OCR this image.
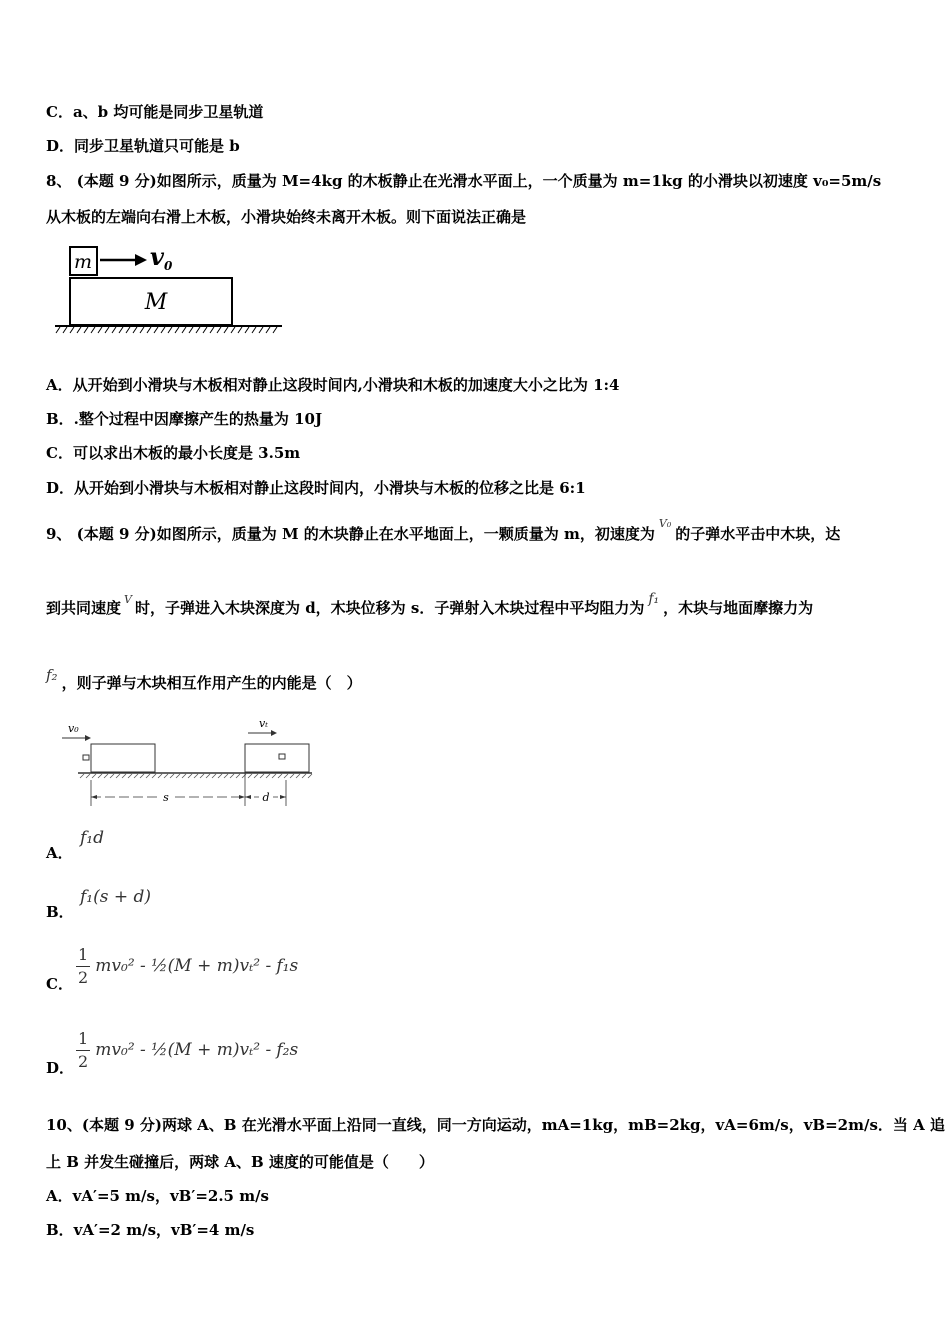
C．a、b 均可能是同步卫星轨道
D．同步卫星轨道只可能是 b
8、 (本题 9 分)如图所示，质量为 M=4kg 的木板静止在光滑水平面上，一个质量为 m=1kg 的小滑块以初速度 v₀=5m/s
从木板的左端向右滑上木板，小滑块始终未离开木板。则下面说法正确是
m $v_0$
M
A．从开始到小滑块与木板相对静止这段时间内,小滑块和木板的加速度大小之比为 1:4
B．.整个过程中因摩擦产生的热量为 10J
C．可以求出木板的最小长度是 3.5m
D．从开始到小滑块与木板相对静止这段时间内，小滑块与木板的位移之比是 6:1
9、 (本题 9 分)如图所示，质量为 M 的木块静止在水平地面上，一颗质量为 m，初速度为$^{V_0}$的子弹水平击中木块，达
到共同速度 $^V$ 时，子弹进入木块深度为 d，木块位移为 s．子弹射入木块过程中平均阻力为 f₁ ，木块与地面摩擦力为
f₂ ，则子弹与木块相互作用产生的内能是（　）
v₀	vₜ
s	d
A．
f₁d
B．
f₁(s + d)
C． $\frac{1}{2} mv_0^2$ - ½(M + m)vₜ² - f₁s
D． $\frac{1}{2} mv_0^2$ - ½(M + m)vₜ² - f₂s
10、(本题 9 分)两球 A、B 在光滑水平面上沿同一直线，同一方向运动，mA=1kg，mB=2kg，vA=6m/s，vB=2m/s．当 A 追
上 B 并发生碰撞后，两球 A、B 速度的可能值是（　　）
A．vA′=5 m/s，vB′=2.5 m/s
B．vA′=2 m/s，vB′=4 m/s
